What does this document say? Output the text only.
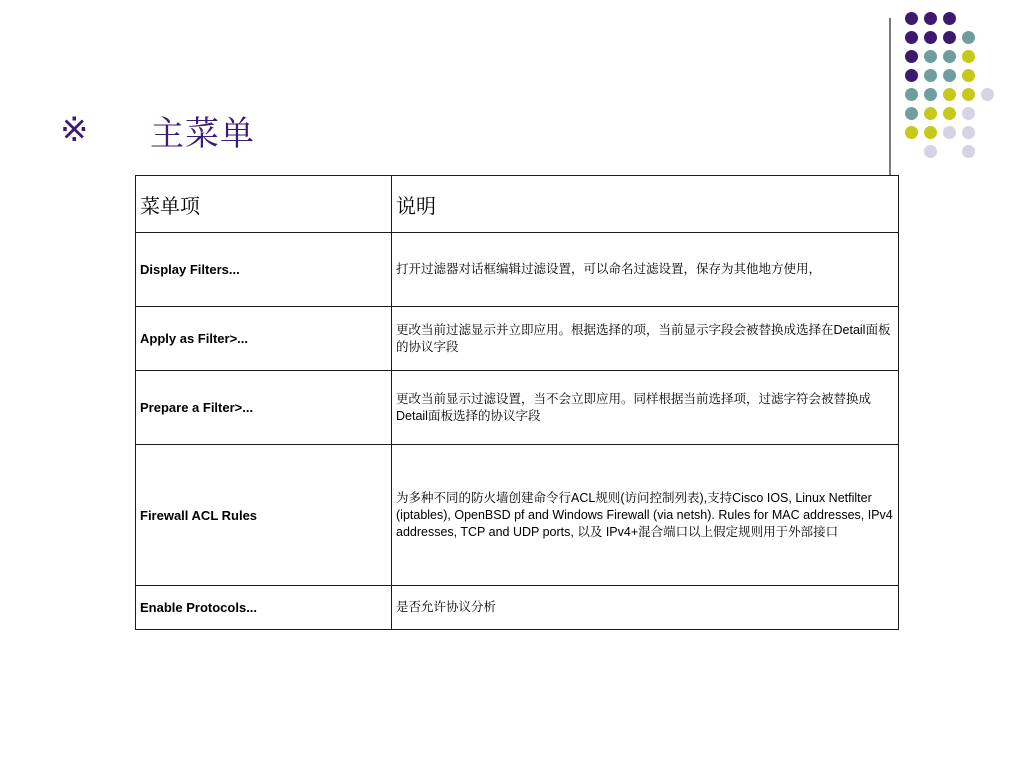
※	主菜单
菜单项	说明
Display Filters...	打开过滤器对话框编辑过滤设置，可以命名过滤设置，保存为其他地方使用，
Apply as Filter>...	更改当前过滤显示并立即应用。根据选择的项，当前显示字段会被替换成选择在Detail面板的协议字段
Prepare a Filter>...	更改当前显示过滤设置，当不会立即应用。同样根据当前选择项，过滤字符会被替换成Detail面板选择的协议字段
Firewall ACL Rules	为多种不同的防火墙创建命令行ACL规则(访问控制列表),支持Cisco IOS, Linux Netfilter (iptables), OpenBSD pf and Windows Firewall (via netsh). Rules for MAC addresses, IPv4 addresses, TCP and UDP ports, 以及 IPv4+混合端口以上假定规则用于外部接口
Enable Protocols...	是否允许协议分析
